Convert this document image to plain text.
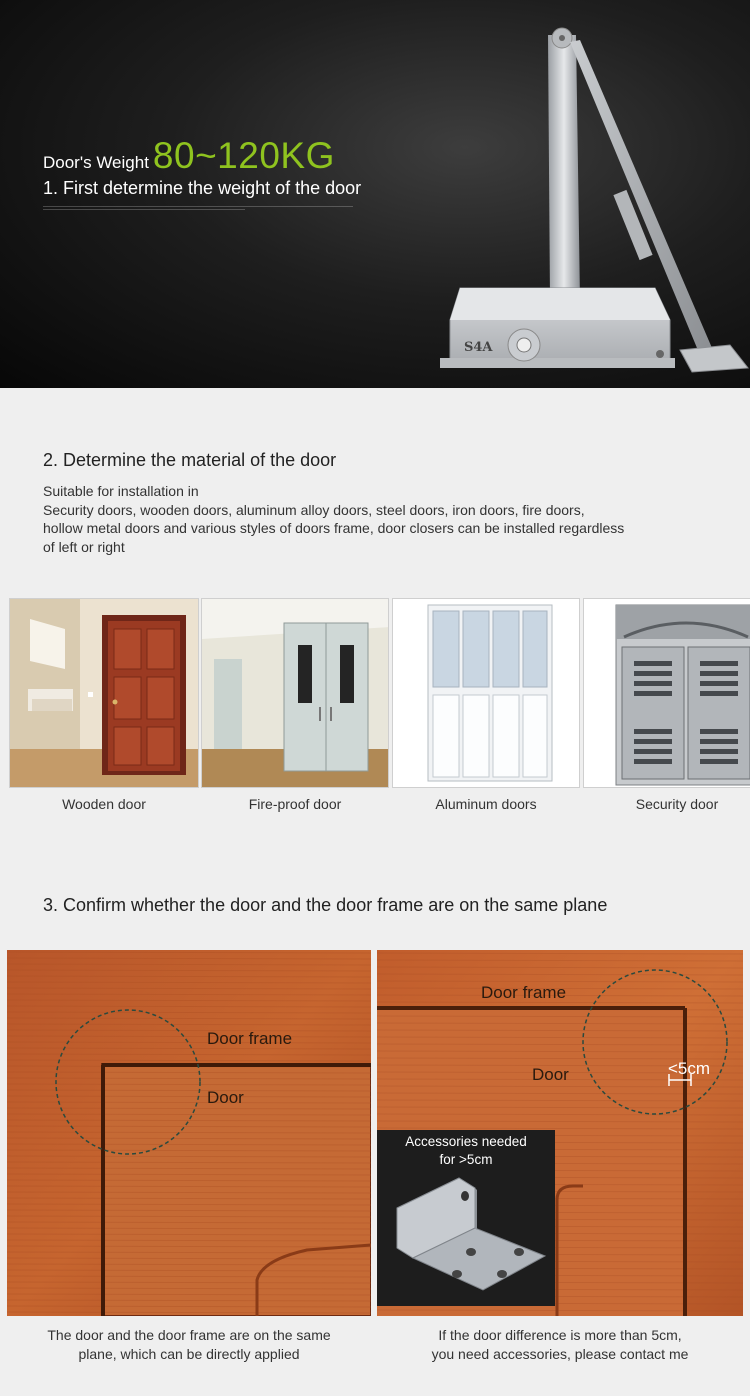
Door's Weight 80~120KG
1. First determine the weight of the door
S4A
2. Determine the material of the door
Suitable for installation in
Security doors, wooden doors, aluminum alloy doors, steel doors, iron doors, fire doors,
hollow metal doors and various styles of doors frame, door closers can be installed regardless
of left or right
Wooden door	Fire-proof door	Aluminum doors	Security door
3. Confirm whether the door and the door frame are on the same plane
Door frame
Door
Door frame
Door	<5cm
Accessories needed
for >5cm
The door and the door frame are on the same
plane, which can be directly applied
If the door difference is more than 5cm,
you need accessories, please contact me
